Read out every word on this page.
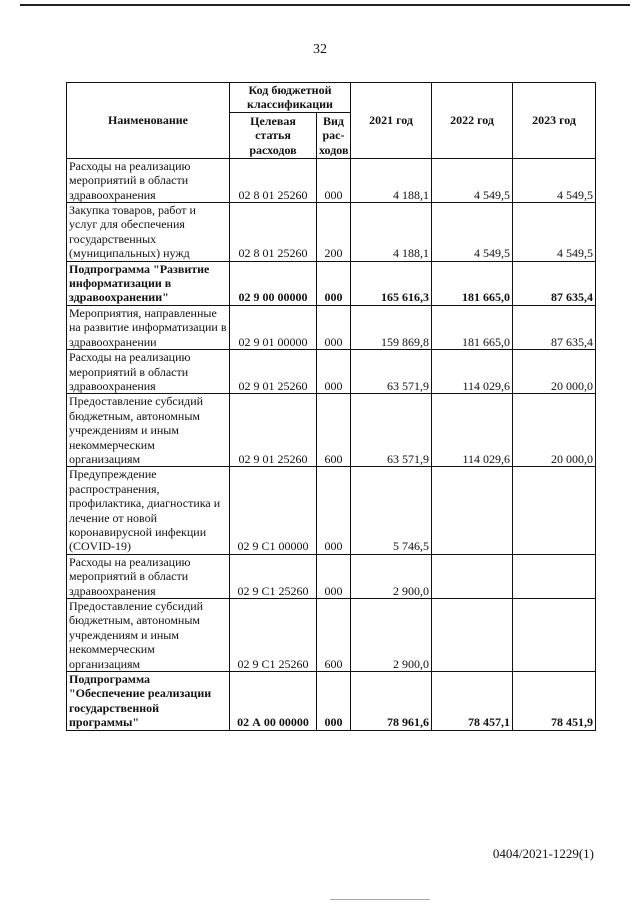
32
Наименование	Код бюджетной классификации		2021 год	2022 год	2023 год
	Целевая статья расходов	Вид рас-ходов			
Расходы на реализацию мероприятий в области здравоохранения	02 8 01 25260	000	4 188,1	4 549,5	4 549,5
Закупка товаров, работ и услуг для обеспечения государственных (муниципальных) нужд	02 8 01 25260	200	4 188,1	4 549,5	4 549,5
Подпрограмма "Развитие информатизации в здравоохранении"	02 9 00 00000	000	165 616,3	181 665,0	87 635,4
Мероприятия, направленные на развитие информатизации в здравоохранении	02 9 01 00000	000	159 869,8	181 665,0	87 635,4
Расходы на реализацию мероприятий в области здравоохранения	02 9 01 25260	000	63 571,9	114 029,6	20 000,0
Предоставление субсидий бюджетным, автономным учреждениям и иным некоммерческим организациям	02 9 01 25260	600	63 571,9	114 029,6	20 000,0
Предупреждение распространения, профилактика, диагностика и лечение от новой коронавирусной инфекции (COVID-19)	02 9 C1 00000	000	5 746,5		
Расходы на реализацию мероприятий в области здравоохранения	02 9 C1 25260	000	2 900,0		
Предоставление субсидий бюджетным, автономным учреждениям и иным некоммерческим организациям	02 9 C1 25260	600	2 900,0		
Подпрограмма "Обеспечение реализации государственной программы"	02 А 00 00000	000	78 961,6	78 457,1	78 451,9
0404/2021-1229(1)
